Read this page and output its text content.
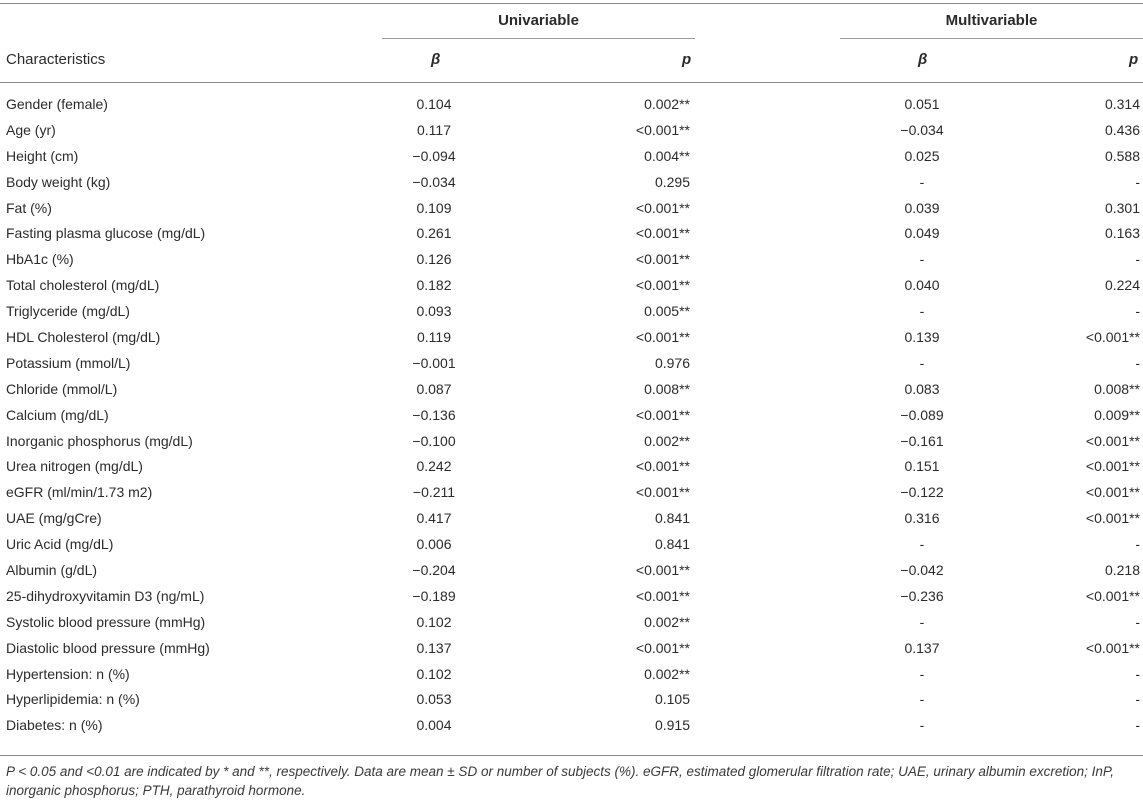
Univariable	Multivariable
Characteristics	β	p	β	p
Gender (female)	0.104	0.002**	0.051	0.314
Age (yr)	0.117	<0.001**	−0.034	0.436
Height (cm)	−0.094	0.004**	0.025	0.588
Body weight (kg)	−0.034	0.295	-	-
Fat (%)	0.109	<0.001**	0.039	0.301
Fasting plasma glucose (mg/dL)	0.261	<0.001**	0.049	0.163
HbA1c (%)	0.126	<0.001**	-	-
Total cholesterol (mg/dL)	0.182	<0.001**	0.040	0.224
Triglyceride (mg/dL)	0.093	0.005**	-	-
HDL Cholesterol (mg/dL)	0.119	<0.001**	0.139	<0.001**
Potassium (mmol/L)	−0.001	0.976	-	-
Chloride (mmol/L)	0.087	0.008**	0.083	0.008**
Calcium (mg/dL)	−0.136	<0.001**	−0.089	0.009**
Inorganic phosphorus (mg/dL)	−0.100	0.002**	−0.161	<0.001**
Urea nitrogen (mg/dL)	0.242	<0.001**	0.151	<0.001**
eGFR (ml/min/1.73 m2)	−0.211	<0.001**	−0.122	<0.001**
UAE (mg/gCre)	0.417	0.841	0.316	<0.001**
Uric Acid (mg/dL)	0.006	0.841	-	-
Albumin (g/dL)	−0.204	<0.001**	−0.042	0.218
25-dihydroxyvitamin D3 (ng/mL)	−0.189	<0.001**	−0.236	<0.001**
Systolic blood pressure (mmHg)	0.102	0.002**	-	-
Diastolic blood pressure (mmHg)	0.137	<0.001**	0.137	<0.001**
Hypertension: n (%)	0.102	0.002**	-	-
Hyperlipidemia: n (%)	0.053	0.105	-	-
Diabetes: n (%)	0.004	0.915	-	-
P < 0.05 and <0.01 are indicated by * and **, respectively. Data are mean ± SD or number of subjects (%). eGFR, estimated glomerular filtration rate; UAE, urinary albumin excretion; InP, inorganic phosphorus; PTH, parathyroid hormone.
